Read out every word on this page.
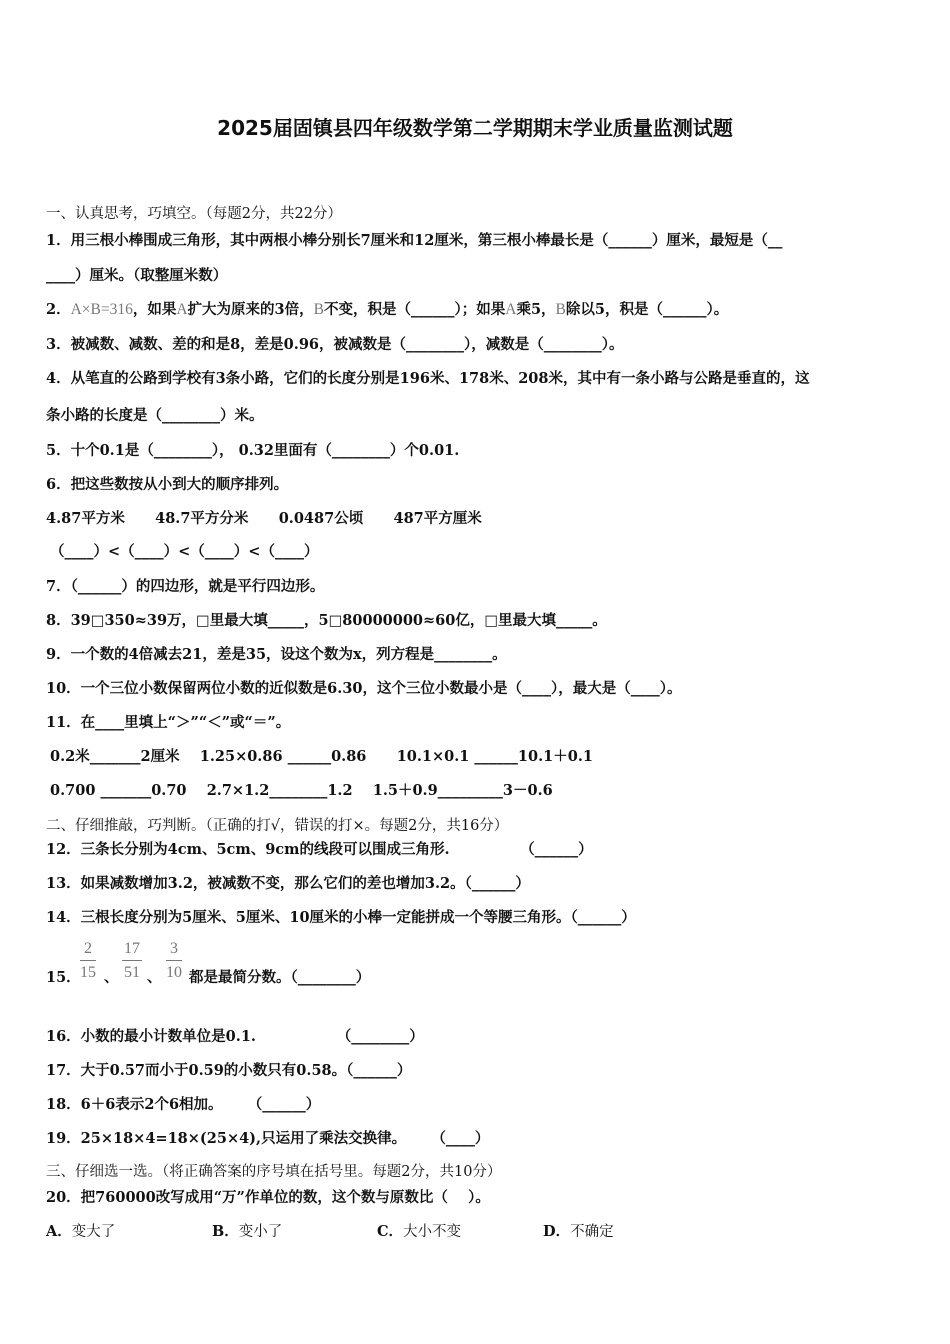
2025届固镇县四年级数学第二学期期末学业质量监测试题
一、认真思考，巧填空。（每题2分，共22分）
1．用三根小棒围成三角形，其中两根小棒分别长7厘米和12厘米，第三根小棒最长是（______）厘米，最短是（__
____）厘米。（取整厘米数）
2．A×B=316，如果A扩大为原来的3倍，B不变，积是（______）；如果A乘5，B除以5，积是（______）。
3．被减数、减数、差的和是8，差是0.96，被减数是（________），减数是（________）。
4．从笔直的公路到学校有3条小路，它们的长度分别是196米、178米、208米，其中有一条小路与公路是垂直的，这
条小路的长度是（________）米。
5．十个0.1是（________）， 0.32里面有（________）个0.01.
6．把这些数按从小到大的顺序排列。
4.87平方米      48.7平方分米      0.0487公顷      487平方厘米
（____）<（____）<（____）<（____）
7．（______）的四边形，就是平行四边形。
8．39□350≈39万，□里最大填_____，5□80000000≈60亿，□里最大填_____。
9．一个数的4倍减去21，差是35，设这个数为x，列方程是________。
10．一个三位小数保留两位小数的近似数是6.30，这个三位小数最小是（____），最大是（____）。
11．在____里填上“＞”“＜”或“＝”。
0.2米_______2厘米    1.25×0.86 ______0.86      10.1×0.1 ______10.1＋0.1
0.700 _______0.70    2.7×1.2________1.2    1.5＋0.9_________3－0.6
二、仔细推敲，巧判断。（正确的打√，错误的打×。每题2分，共16分）
12．三条长分别为4cm、5cm、9cm的线段可以围成三角形.              （______）
13．如果减数增加3.2，被减数不变，那么它们的差也增加3.2。（______）
14．三根长度分别为5厘米、5厘米、10厘米的小棒一定能拼成一个等腰三角形。（______）
15． $\frac{2}{15}$ 、 $\frac{17}{51}$ 、 $\frac{3}{10}$ 都是最简分数。（________）
16．小数的最小计数单位是0.1.                （________）
17．大于0.57而小于0.59的小数只有0.58。（______）
18．6＋6表示2个6相加。     （______）
19．25×18×4=18×(25×4),只运用了乘法交换律。     （____）
三、仔细选一选。（将正确答案的序号填在括号里。每题2分，共10分）
20．把760000改写成用“万”作单位的数，这个数与原数比（    ）。
A．变大了	B．变小了	C．大小不变	D．不确定
